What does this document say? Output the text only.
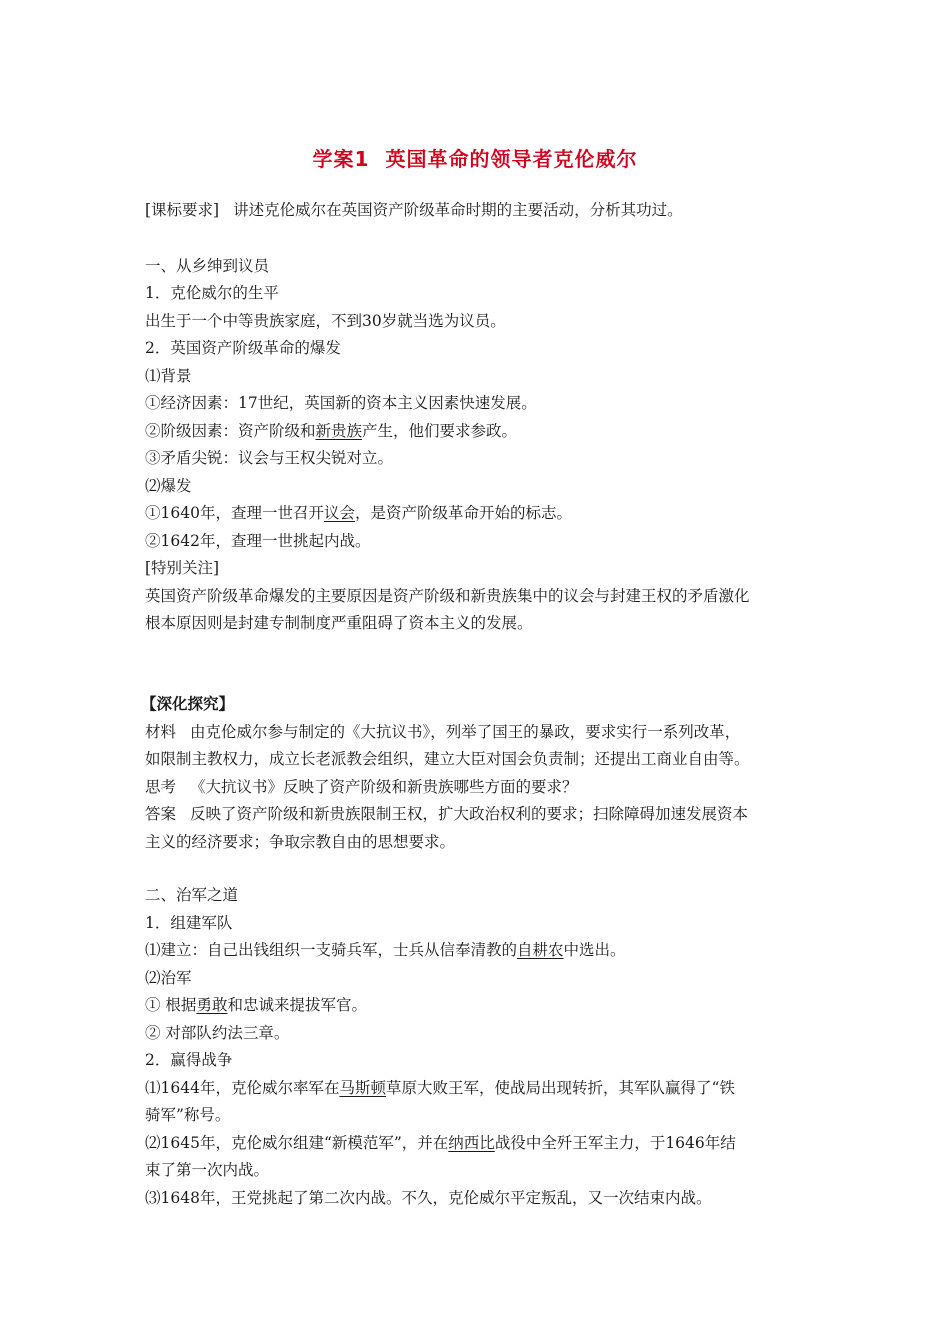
学案1 英国革命的领导者克伦威尔
[课标要求] 讲述克伦威尔在英国资产阶级革命时期的主要活动，分析其功过。
一、从乡绅到议员
1．克伦威尔的生平
出生于一个中等贵族家庭，不到30岁就当选为议员。
2．英国资产阶级革命的爆发
⑴背景
①经济因素：17世纪，英国新的资本主义因素快速发展。
②阶级因素：资产阶级和新贵族产生，他们要求参政。
③矛盾尖锐：议会与王权尖锐对立。
⑵爆发
①1640年，查理一世召开议会，是资产阶级革命开始的标志。
②1642年，查理一世挑起内战。
[特别关注]
英国资产阶级革命爆发的主要原因是资产阶级和新贵族集中的议会与封建王权的矛盾激化
根本原因则是封建专制制度严重阻碍了资本主义的发展。
【深化探究】
材料 由克伦威尔参与制定的《大抗议书》，列举了国王的暴政，要求实行一系列改革，
如限制主教权力，成立长老派教会组织，建立大臣对国会负责制；还提出工商业自由等。
思考 《大抗议书》反映了资产阶级和新贵族哪些方面的要求？
答案 反映了资产阶级和新贵族限制王权，扩大政治权利的要求；扫除障碍加速发展资本
主义的经济要求；争取宗教自由的思想要求。
二、治军之道
1．组建军队
⑴建立：自己出钱组织一支骑兵军，士兵从信奉清教的自耕农中选出。
⑵治军
① 根据勇敢和忠诚来提拔军官。
② 对部队约法三章。
2．赢得战争
⑴1644年，克伦威尔率军在马斯顿草原大败王军，使战局出现转折，其军队赢得了“铁
骑军”称号。
⑵1645年，克伦威尔组建“新模范军”，并在纳西比战役中全歼王军主力，于1646年结
束了第一次内战。
⑶1648年，王党挑起了第二次内战。不久，克伦威尔平定叛乱，又一次结束内战。
